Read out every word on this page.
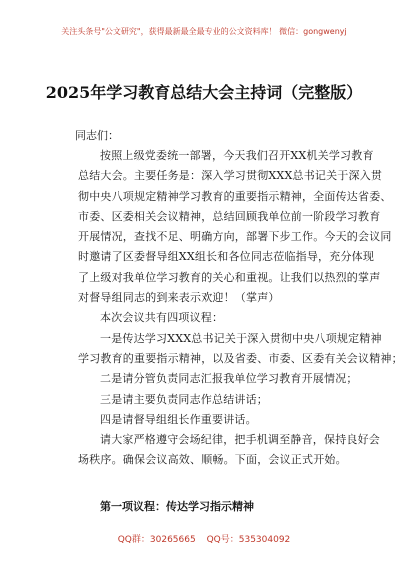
关注头条号"公文研究"，获得最新最全最专业的公文资料库！ 微信：gongwenyj
2025年学习教育总结大会主持词（完整版）
同志们：
按照上级党委统一部署，今天我们召开XX机关学习教育
总结大会。主要任务是：深入学习贯彻XXX总书记关于深入贯
彻中央八项规定精神学习教育的重要指示精神，全面传达省委、
市委、区委相关会议精神，总结回顾我单位前一阶段学习教育
开展情况，查找不足、明确方向，部署下步工作。今天的会议同
时邀请了区委督导组XX组长和各位同志莅临指导，充分体现
了上级对我单位学习教育的关心和重视。让我们以热烈的掌声
对督导组同志的到来表示欢迎！（掌声）
本次会议共有四项议程：
一是传达学习XXX总书记关于深入贯彻中央八项规定精神
学习教育的重要指示精神，以及省委、市委、区委有关会议精神；
二是请分管负责同志汇报我单位学习教育开展情况；
三是请主要负责同志作总结讲话；
四是请督导组组长作重要讲话。
请大家严格遵守会场纪律，把手机调至静音，保持良好会
场秩序。确保会议高效、顺畅。下面，会议正式开始。
第一项议程：传达学习指示精神
QQ群：30265665 QQ号：535304092
